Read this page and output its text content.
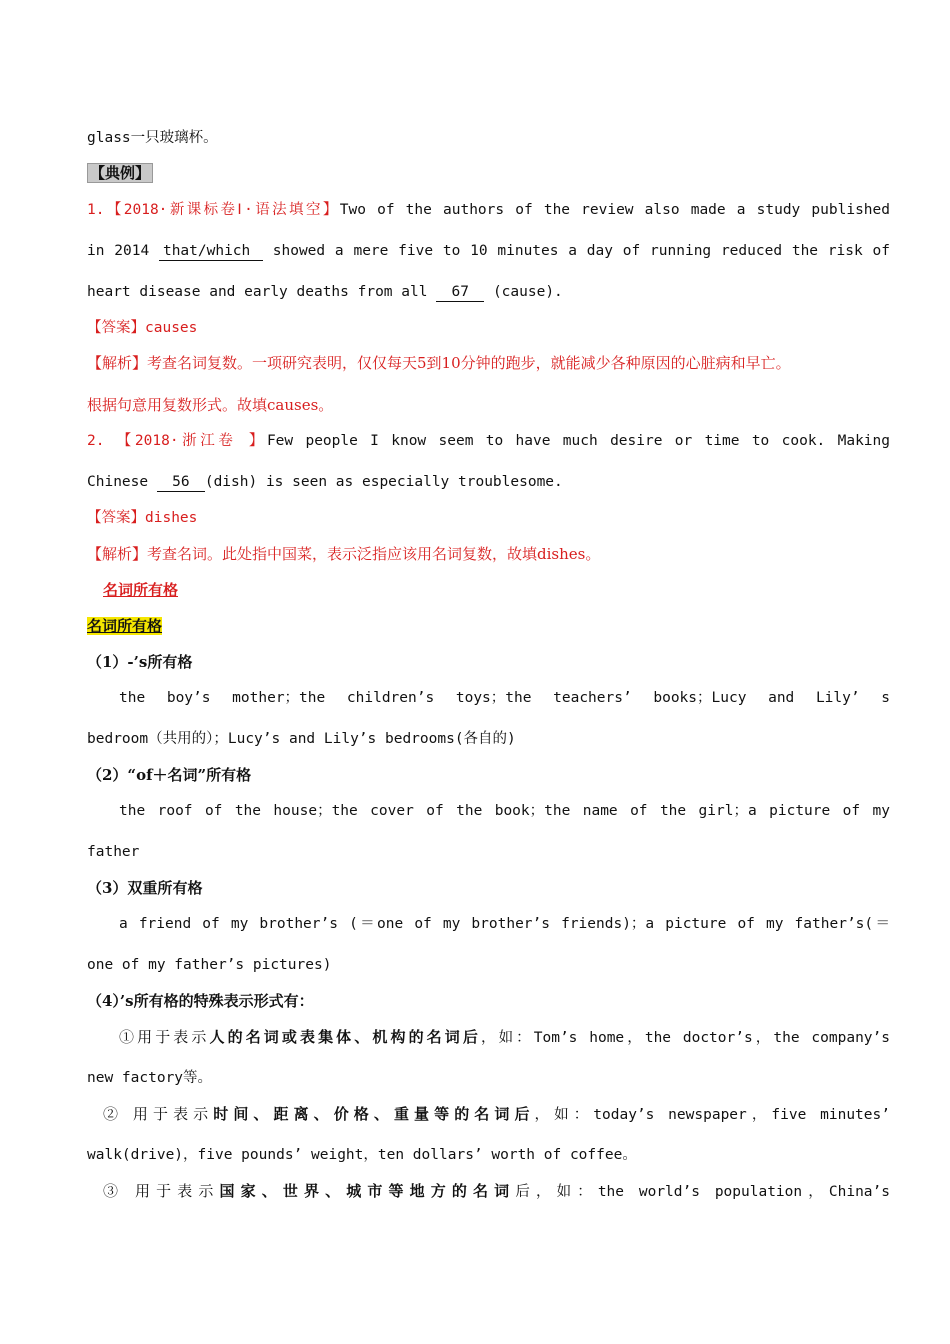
glass一只玻璃杯。
【典例】
1.【2018·新课标卷Ⅰ·语法填空】Two of the authors of the review also made a study published
in 2014 that/which showed a mere five to 10 minutes a day of running reduced the risk of
heart disease and early deaths from all 67 (cause).
【答案】causes
【解析】考查名词复数。一项研究表明，仅仅每天5到10分钟的跑步，就能减少各种原因的心脏病和早亡。
根据句意用复数形式。故填causes。
2. 【2018·浙江卷 】Few people I know seem to have much desire or time to cook. Making
Chinese 56 (dish) is seen as especially troublesome.
【答案】dishes
【解析】考查名词。此处指中国菜，表示泛指应该用名词复数，故填dishes。
名词所有格
名词所有格
（1）-’s所有格
the boy’s mother；the children’s toys；the teachers’ books；Lucy and Lily’ s
bedroom（共用的）；Lucy’s and Lily’s bedrooms(各自的)
（2）“of＋名词”所有格
the roof of the house；the cover of the book；the name of the girl；a picture of my
father
（3）双重所有格
a friend of my brother’s (＝one of my brother’s friends)；a picture of my father’s(＝
one of my father’s pictures)
（4）’s所有格的特殊表示形式有：
①用于表示人的名词或表集体、机构的名词后，如：Tom’s home，the doctor’s，the company’s
new factory等。
② 用于表示时间、距离、价格、重量等的名词后，如：today’s newspaper，five minutes’
walk(drive)，five pounds’ weight，ten dollars’ worth of coffee。
③ 用于表示国家、世界、城市等地方的名词后，如：the world’s population，China’s
